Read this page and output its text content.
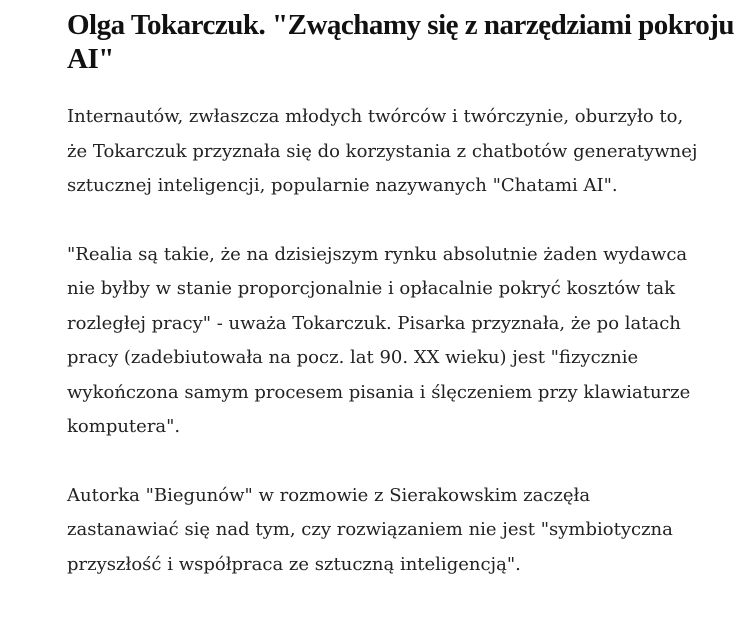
Olga Tokarczuk. "Zwąchamy się z narzędziami pokroju
AI"

Internautów, zwłaszcza młodych twórców i twórczynie, oburzyło to,
że Tokarczuk przyznała się do korzystania z chatbotów generatywnej
sztucznej inteligencji, popularnie nazywanych "Chatami AI".

"Realia są takie, że na dzisiejszym rynku absolutnie żaden wydawca
nie byłby w stanie proporcjonalnie i opłacalnie pokryć kosztów tak
rozległej pracy" - uważa Tokarczuk. Pisarka przyznała, że po latach
pracy (zadebiutowała na pocz. lat 90. XX wieku) jest "fizycznie
wykończona samym procesem pisania i ślęczeniem przy klawiaturze
komputera".

Autorka "Biegunów" w rozmowie z Sierakowskim zaczęła
zastanawiać się nad tym, czy rozwiązaniem nie jest "symbiotyczna
przyszłość i współpraca ze sztuczną inteligencją".
